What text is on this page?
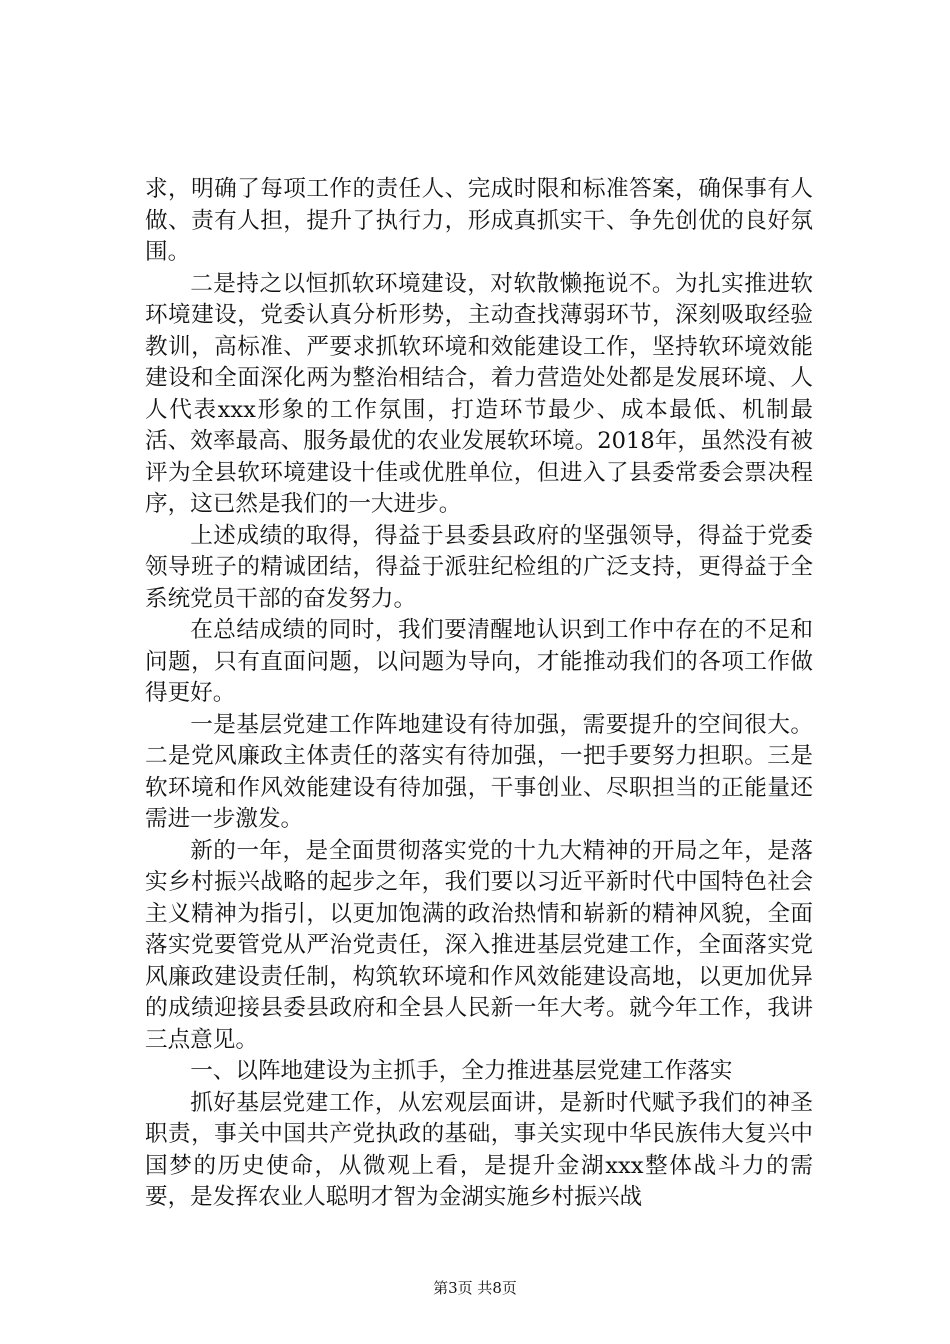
求，明确了每项工作的责任人、完成时限和标准答案，确保事有人做、责有人担，提升了执行力，形成真抓实干、争先创优的良好氛围。

二是持之以恒抓软环境建设，对软散懒拖说不。为扎实推进软环境建设，党委认真分析形势，主动查找薄弱环节，深刻吸取经验教训，高标准、严要求抓软环境和效能建设工作，坚持软环境效能建设和全面深化两为整治相结合，着力营造处处都是发展环境、人人代表xxx形象的工作氛围，打造环节最少、成本最低、机制最活、效率最高、服务最优的农业发展软环境。2018年，虽然没有被评为全县软环境建设十佳或优胜单位，但进入了县委常委会票决程序，这已然是我们的一大进步。

上述成绩的取得，得益于县委县政府的坚强领导，得益于党委领导班子的精诚团结，得益于派驻纪检组的广泛支持，更得益于全系统党员干部的奋发努力。

在总结成绩的同时，我们要清醒地认识到工作中存在的不足和问题，只有直面问题，以问题为导向，才能推动我们的各项工作做得更好。

一是基层党建工作阵地建设有待加强，需要提升的空间很大。二是党风廉政主体责任的落实有待加强，一把手要努力担职。三是软环境和作风效能建设有待加强，干事创业、尽职担当的正能量还需进一步激发。

新的一年，是全面贯彻落实党的十九大精神的开局之年，是落实乡村振兴战略的起步之年，我们要以习近平新时代中国特色社会主义精神为指引，以更加饱满的政治热情和崭新的精神风貌，全面落实党要管党从严治党责任，深入推进基层党建工作，全面落实党风廉政建设责任制，构筑软环境和作风效能建设高地，以更加优异的成绩迎接县委县政府和全县人民新一年大考。就今年工作，我讲三点意见。

一、以阵地建设为主抓手，全力推进基层党建工作落实

抓好基层党建工作，从宏观层面讲，是新时代赋予我们的神圣职责，事关中国共产党执政的基础，事关实现中华民族伟大复兴中国梦的历史使命，从微观上看，是提升金湖xxx整体战斗力的需要，是发挥农业人聪明才智为金湖实施乡村振兴战

第3页 共8页
